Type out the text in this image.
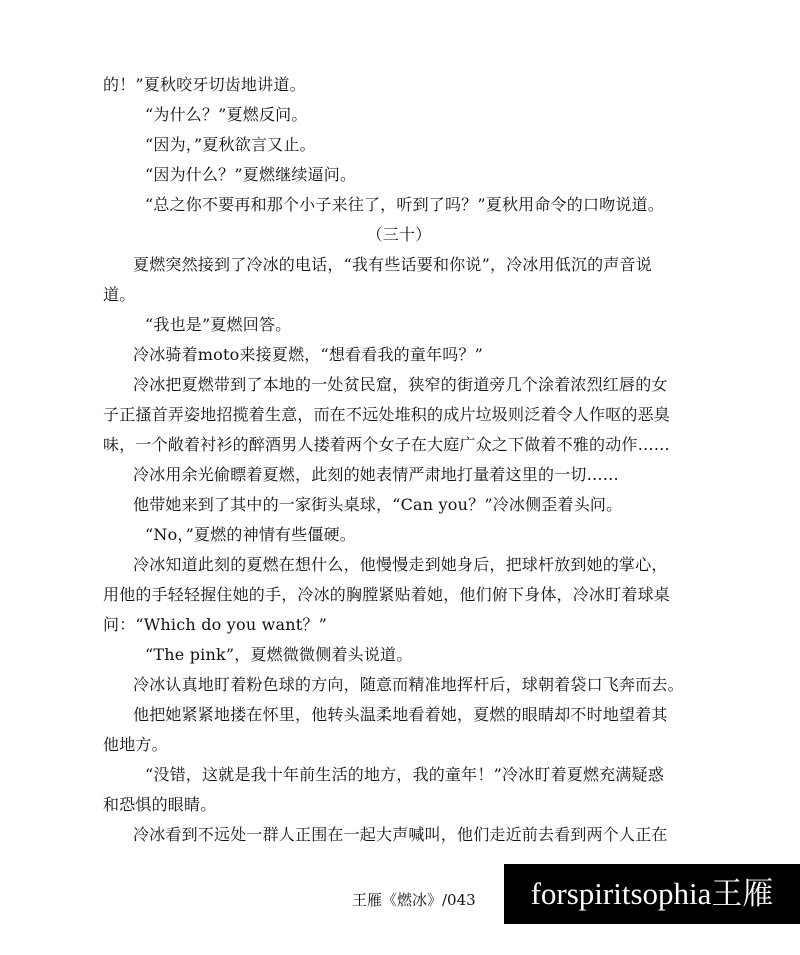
的！”夏秋咬牙切齿地讲道。
“为什么？”夏燃反问。
“因为，”夏秋欲言又止。
“因为什么？”夏燃继续逼问。
“总之你不要再和那个小子来往了，听到了吗？”夏秋用命令的口吻说道。
（三十）
夏燃突然接到了冷冰的电话，“我有些话要和你说”，冷冰用低沉的声音说
道。
“我也是”夏燃回答。
冷冰骑着moto来接夏燃，“想看看我的童年吗？”
冷冰把夏燃带到了本地的一处贫民窟，狭窄的街道旁几个涂着浓烈红唇的女
子正搔首弄姿地招揽着生意，而在不远处堆积的成片垃圾则泛着令人作呕的恶臭
味，一个敞着衬衫的醉酒男人搂着两个女子在大庭广众之下做着不雅的动作……
冷冰用余光偷瞟着夏燃，此刻的她表情严肃地打量着这里的一切……
他带她来到了其中的一家街头桌球，“Can you？”冷冰侧歪着头问。
“No，”夏燃的神情有些僵硬。
冷冰知道此刻的夏燃在想什么，他慢慢走到她身后，把球杆放到她的掌心，
用他的手轻轻握住她的手，冷冰的胸膛紧贴着她，他们俯下身体，冷冰盯着球桌
问：“Which do you want？”
“The pink”，夏燃微微侧着头说道。
冷冰认真地盯着粉色球的方向，随意而精准地挥杆后，球朝着袋口飞奔而去。
他把她紧紧地搂在怀里，他转头温柔地看着她，夏燃的眼睛却不时地望着其
他地方。
“没错，这就是我十年前生活的地方，我的童年！”冷冰盯着夏燃充满疑惑
和恐惧的眼睛。
冷冰看到不远处一群人正围在一起大声喊叫，他们走近前去看到两个人正在
王雁《燃冰》/043	forspiritsophia王雁
